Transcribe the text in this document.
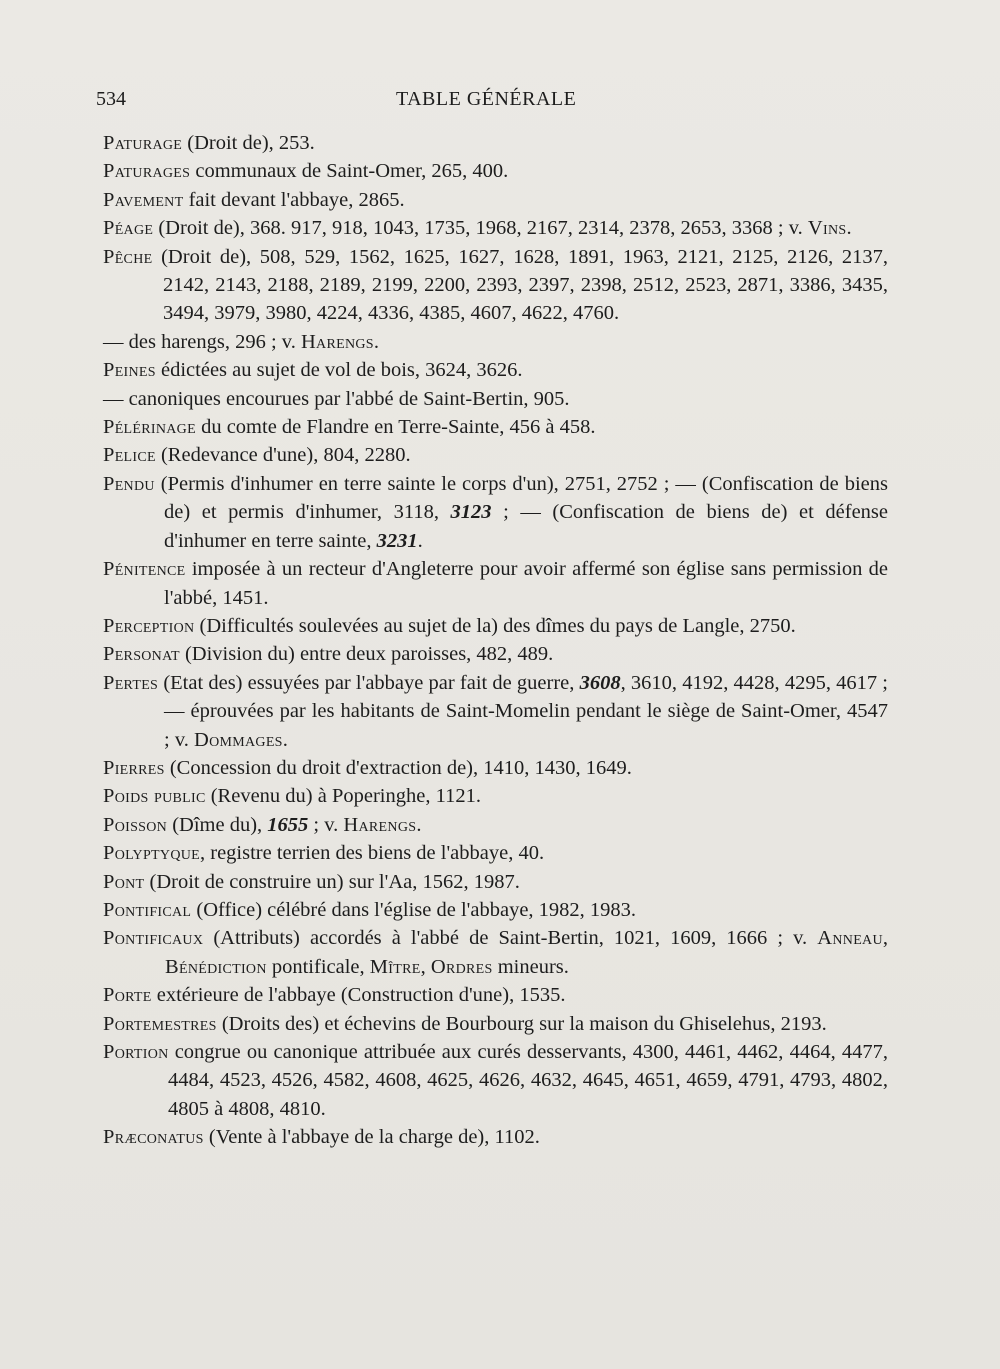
534	TABLE GÉNÉRALE
Paturage (Droit de), 253.
Paturages communaux de Saint-Omer, 265, 400.
Pavement fait devant l'abbaye, 2865.
Péage (Droit de), 368. 917, 918, 1043, 1735, 1968, 2167, 2314, 2378, 2653, 3368 ; v. Vins.
Pêche (Droit de), 508, 529, 1562, 1625, 1627, 1628, 1891, 1963, 2121, 2125, 2126, 2137, 2142, 2143, 2188, 2189, 2199, 2200, 2393, 2397, 2398, 2512, 2523, 2871, 3386, 3435, 3494, 3979, 3980, 4224, 4336, 4385, 4607, 4622, 4760.
— des harengs, 296 ; v. Harengs.
Peines édictées au sujet de vol de bois, 3624, 3626.
— canoniques encourues par l'abbé de Saint-Bertin, 905.
Pélérinage du comte de Flandre en Terre-Sainte, 456 à 458.
Pelice (Redevance d'une), 804, 2280.
Pendu (Permis d'inhumer en terre sainte le corps d'un), 2751, 2752 ; — (Confiscation de biens de) et permis d'inhumer, 3118, 3123 ; — (Confiscation de biens de) et défense d'inhumer en terre sainte, 3231.
Pénitence imposée à un recteur d'Angleterre pour avoir affermé son église sans permission de l'abbé, 1451.
Perception (Difficultés soulevées au sujet de la) des dîmes du pays de Langle, 2750.
Personat (Division du) entre deux paroisses, 482, 489.
Pertes (Etat des) essuyées par l'abbaye par fait de guerre, 3608, 3610, 4192, 4428, 4295, 4617 ; — éprouvées par les habitants de Saint-Momelin pendant le siège de Saint-Omer, 4547 ; v. Dommages.
Pierres (Concession du droit d'extraction de), 1410, 1430, 1649.
Poids public (Revenu du) à Poperinghe, 1121.
Poisson (Dîme du), 1655 ; v. Harengs.
Polyptyque, registre terrien des biens de l'abbaye, 40.
Pont (Droit de construire un) sur l'Aa, 1562, 1987.
Pontifical (Office) célébré dans l'église de l'abbaye, 1982, 1983.
Pontificaux (Attributs) accordés à l'abbé de Saint-Bertin, 1021, 1609, 1666 ; v. Anneau, Bénédiction pontificale, Mître, Ordres mineurs.
Porte extérieure de l'abbaye (Construction d'une), 1535.
Portemestres (Droits des) et échevins de Bourbourg sur la maison du Ghiselehus, 2193.
Portion congrue ou canonique attribuée aux curés desservants, 4300, 4461, 4462, 4464, 4477, 4484, 4523, 4526, 4582, 4608, 4625, 4626, 4632, 4645, 4651, 4659, 4791, 4793, 4802, 4805 à 4808, 4810.
Præconatus (Vente à l'abbaye de la charge de), 1102.
